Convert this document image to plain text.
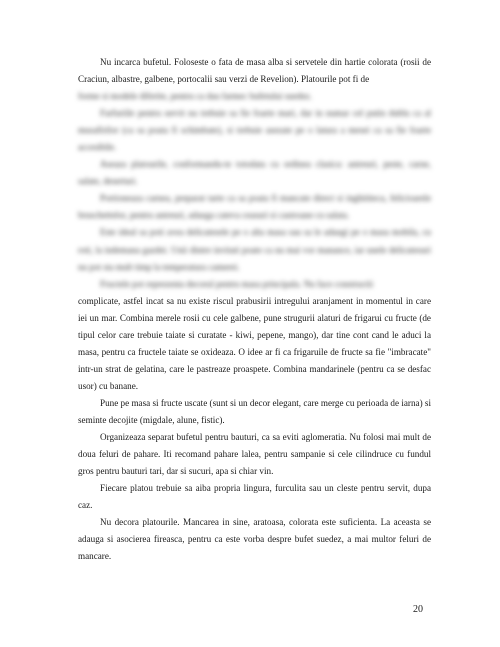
Nu incarca bufetul. Foloseste o fata de masa alba si servetele din hartie colorata (rosii de Craciun, albastre, galbene, portocalii sau verzi de Revelion). Platourile pot fi de

forme si modele diferite, pentru ca dau farmec bufetului suedez.

Farfuriile pentru servit nu trebuie sa fie foarte mari, dar in numar cel putin dublu ca al musafirilor (ca sa poata fi schimbate), si trebuie asezate pe o latura a mesei ca sa fie foarte accesibile.

Aseaza platourile, conformandu-te totodata cu ordinea clasica: antreuri, peste, carne, salate, deserturi.

Portioneaza carnea, preparat tarte ca sa poata fi mancate direct si inghititeca, felicioarele bruschettelor, pentru antreuri, adauga cateva ceasuri si castroane cu salata.

Este ideal sa poti avea delicatesele pe o alta masa sau sa le adaugi pe o masa mobila, cu roti, la indemana gazdei. Unii dintre invitati poate ca nu mai vor manance, iar unele delicatesuri nu pot sta mult timp la temperatura camerei.

Fructele pot reprezenta decorul pentru masa principala. Nu face constructii

complicate, astfel incat sa nu existe riscul prabusirii intregului aranjament in momentul in care iei un mar. Combina merele rosii cu cele galbene, pune strugurii alaturi de frigarui cu fructe (de tipul celor care trebuie taiate si curatate - kiwi, pepene, mango), dar tine cont cand le aduci la masa, pentru ca fructele taiate se oxideaza. O idee ar fi ca frigaruile de fructe sa fie "imbracate" intr-un strat de gelatina, care le pastreaze proaspete. Combina mandarinele (pentru ca se desfac usor) cu banane.

Pune pe masa si fructe uscate (sunt si un decor elegant, care merge cu perioada de iarna) si seminte decojite (migdale, alune, fistic).

Organizeaza separat bufetul pentru bauturi, ca sa eviti aglomeratia. Nu folosi mai mult de doua feluri de pahare. Iti recomand pahare lalea, pentru sampanie si cele cilindruce cu fundul gros pentru bauturi tari, dar si sucuri, apa si chiar vin.

Fiecare platou trebuie sa aiba propria lingura, furculita sau un cleste pentru servit, dupa caz.

Nu decora platourile. Mancarea in sine, aratoasa, colorata este suficienta. La aceasta se adauga si asocierea fireasca, pentru ca este vorba despre bufet suedez, a mai multor feluri de mancare.

20
